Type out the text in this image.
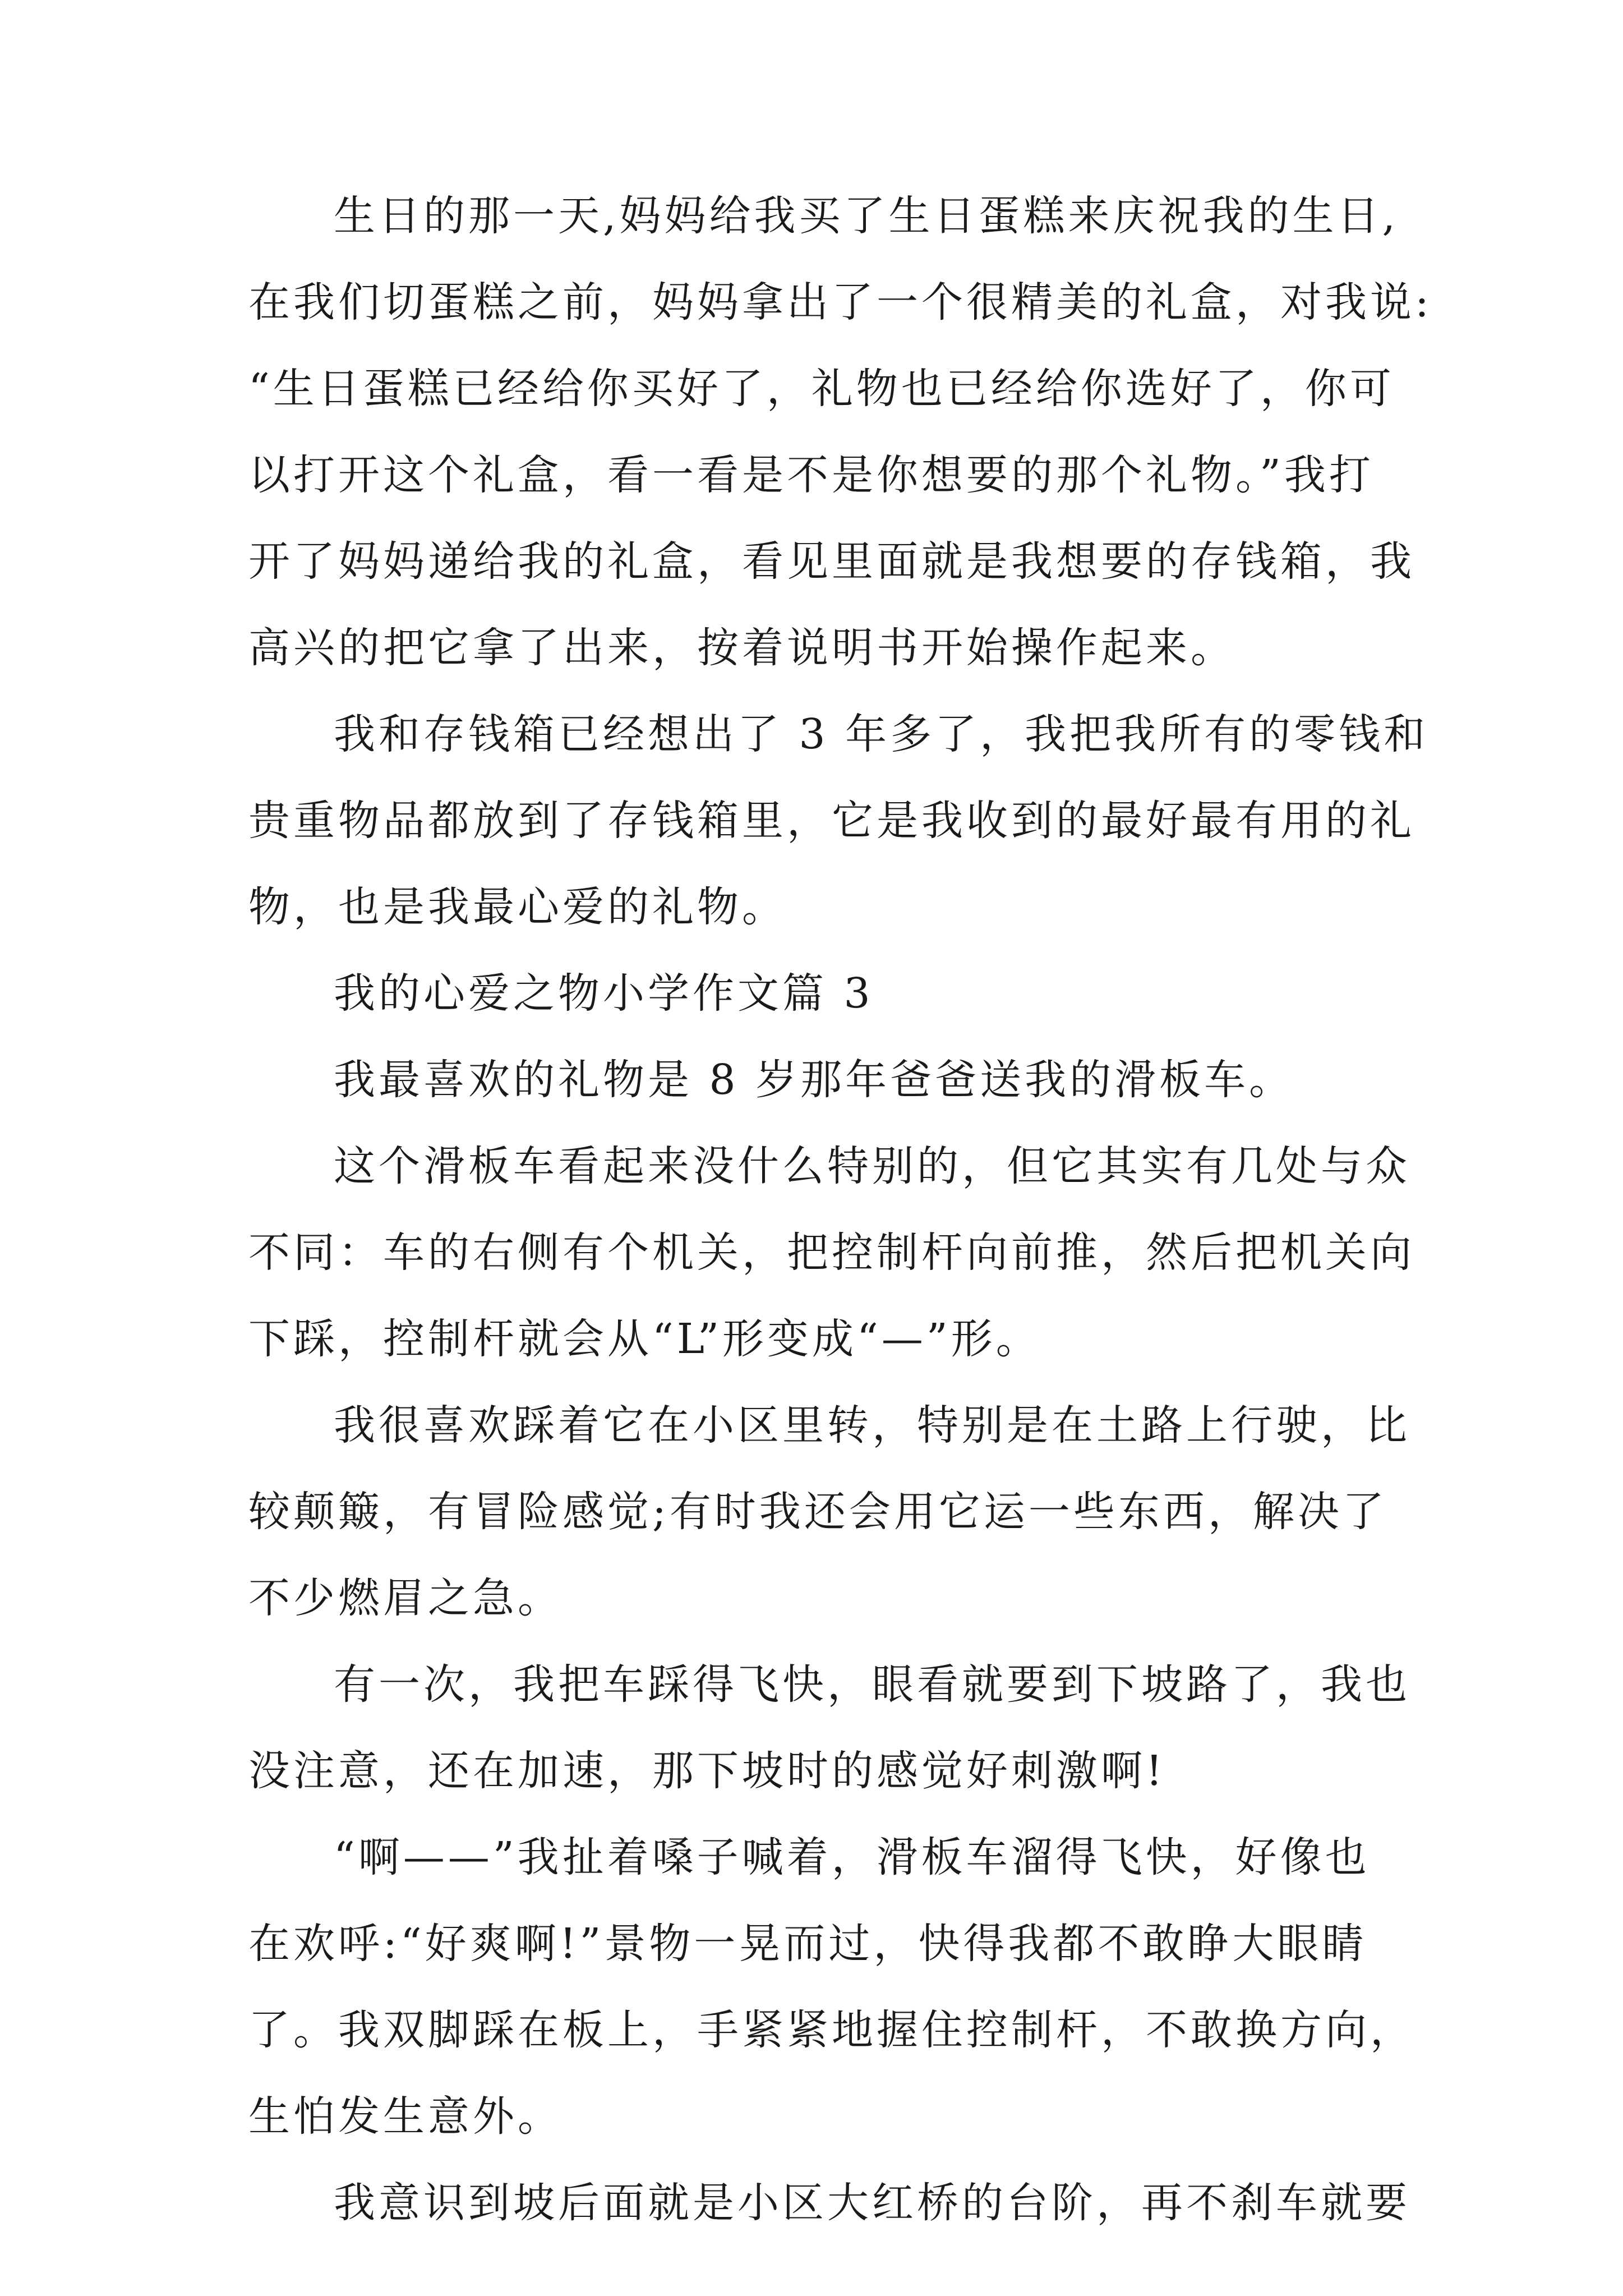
生日的那一天,妈妈给我买了生日蛋糕来庆祝我的生日,
在我们切蛋糕之前，妈妈拿出了一个很精美的礼盒，对我说:
“生日蛋糕已经给你买好了，礼物也已经给你选好了，你可
以打开这个礼盒，看一看是不是你想要的那个礼物。”我打
开了妈妈递给我的礼盒，看见里面就是我想要的存钱箱，我
高兴的把它拿了出来，按着说明书开始操作起来。
我和存钱箱已经想出了 3 年多了，我把我所有的零钱和
贵重物品都放到了存钱箱里，它是我收到的最好最有用的礼
物，也是我最心爱的礼物。
我的心爱之物小学作文篇 3
我最喜欢的礼物是 8 岁那年爸爸送我的滑板车。
这个滑板车看起来没什么特别的，但它其实有几处与众
不同：车的右侧有个机关，把控制杆向前推，然后把机关向
下踩，控制杆就会从“L”形变成“—”形。
我很喜欢踩着它在小区里转，特别是在土路上行驶，比
较颠簸，有冒险感觉;有时我还会用它运一些东西，解决了
不少燃眉之急。
有一次，我把车踩得飞快，眼看就要到下坡路了，我也
没注意，还在加速，那下坡时的感觉好刺激啊!
“啊——”我扯着嗓子喊着，滑板车溜得飞快，好像也
在欢呼:“好爽啊!”景物一晃而过，快得我都不敢睁大眼睛
了。我双脚踩在板上，手紧紧地握住控制杆，不敢换方向，
生怕发生意外。
我意识到坡后面就是小区大红桥的台阶，再不刹车就要
